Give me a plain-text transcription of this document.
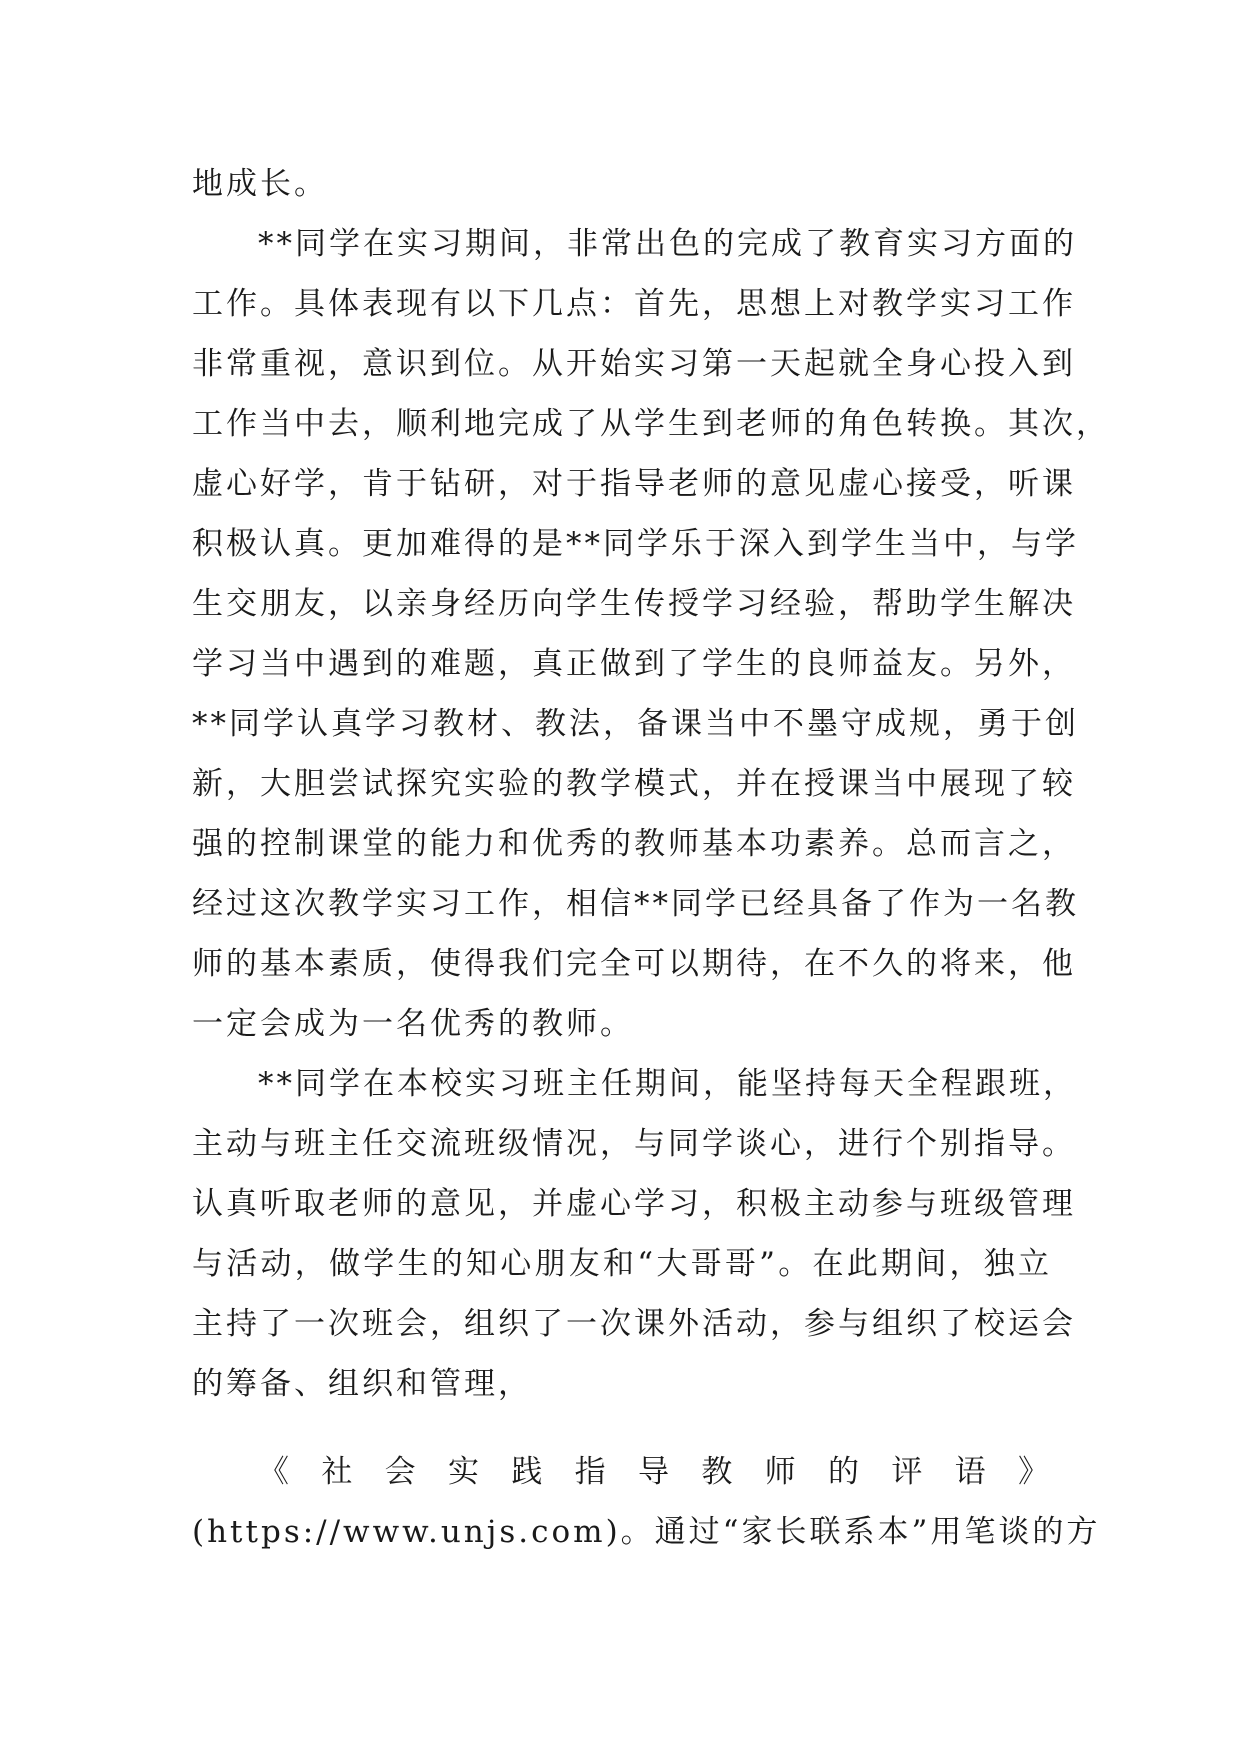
地成长。
**同学在实习期间，非常出色的完成了教育实习方面的
工作。具体表现有以下几点：首先，思想上对教学实习工作
非常重视，意识到位。从开始实习第一天起就全身心投入到
工作当中去，顺利地完成了从学生到老师的角色转换。其次，
虚心好学，肯于钻研，对于指导老师的意见虚心接受，听课
积极认真。更加难得的是**同学乐于深入到学生当中，与学
生交朋友，以亲身经历向学生传授学习经验，帮助学生解决
学习当中遇到的难题，真正做到了学生的良师益友。另外，
**同学认真学习教材、教法，备课当中不墨守成规，勇于创
新，大胆尝试探究实验的教学模式，并在授课当中展现了较
强的控制课堂的能力和优秀的教师基本功素养。总而言之，
经过这次教学实习工作，相信**同学已经具备了作为一名教
师的基本素质，使得我们完全可以期待，在不久的将来，他
一定会成为一名优秀的教师。
**同学在本校实习班主任期间，能坚持每天全程跟班，
主动与班主任交流班级情况，与同学谈心，进行个别指导。
认真听取老师的意见，并虚心学习，积极主动参与班级管理
与活动，做学生的知心朋友和“大哥哥”。在此期间，独立
主持了一次班会，组织了一次课外活动，参与组织了校运会
的筹备、组织和管理，
《社会实践指导教师的评语》
(https://www.unjs.com)。通过“家长联系本”用笔谈的方
